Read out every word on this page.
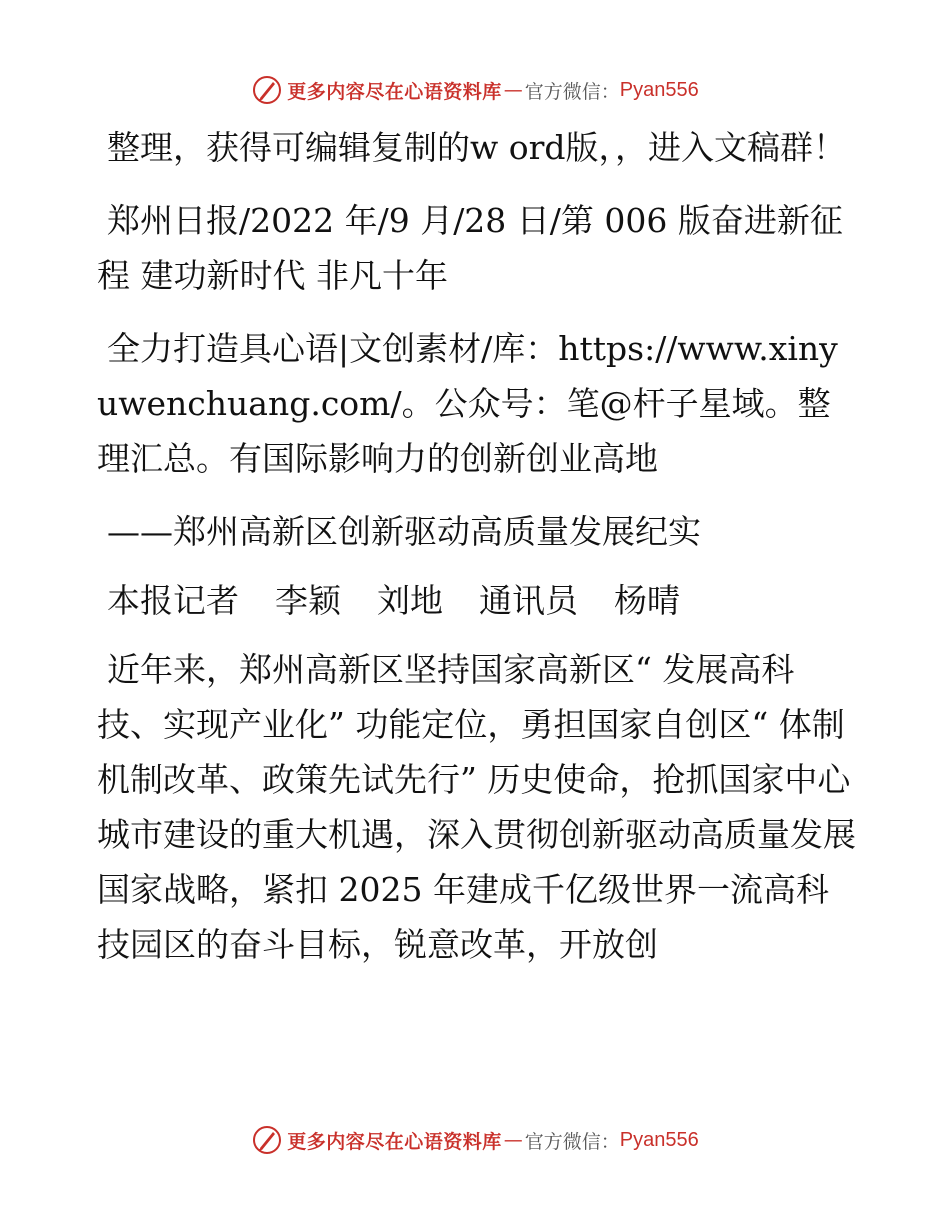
更多内容尽在心语资料库 — 官方微信： Pyan556

整理，获得可编辑复制的w ord版，，进入文稿群！

郑州日报/2022 年/9 月/28 日/第 006 版奋进新征程 建功新时代 非凡十年

全力打造具心语|文创素材/库：https://www.xinyuwenchuang.com/。公众号：笔@杆子星域。整理汇总。有国际影响力的创新创业高地

——郑州高新区创新驱动高质量发展纪实

本报记者 李颖 刘地 通讯员 杨晴

近年来，郑州高新区坚持国家高新区“ 发展高科技、实现产业化” 功能定位，勇担国家自创区“ 体制机制改革、政策先试先行” 历史使命，抢抓国家中心城市建设的重大机遇，深入贯彻创新驱动高质量发展国家战略，紧扣 2025 年建成千亿级世界一流高科技园区的奋斗目标，锐意改革，开放创

更多内容尽在心语资料库 — 官方微信： Pyan556
